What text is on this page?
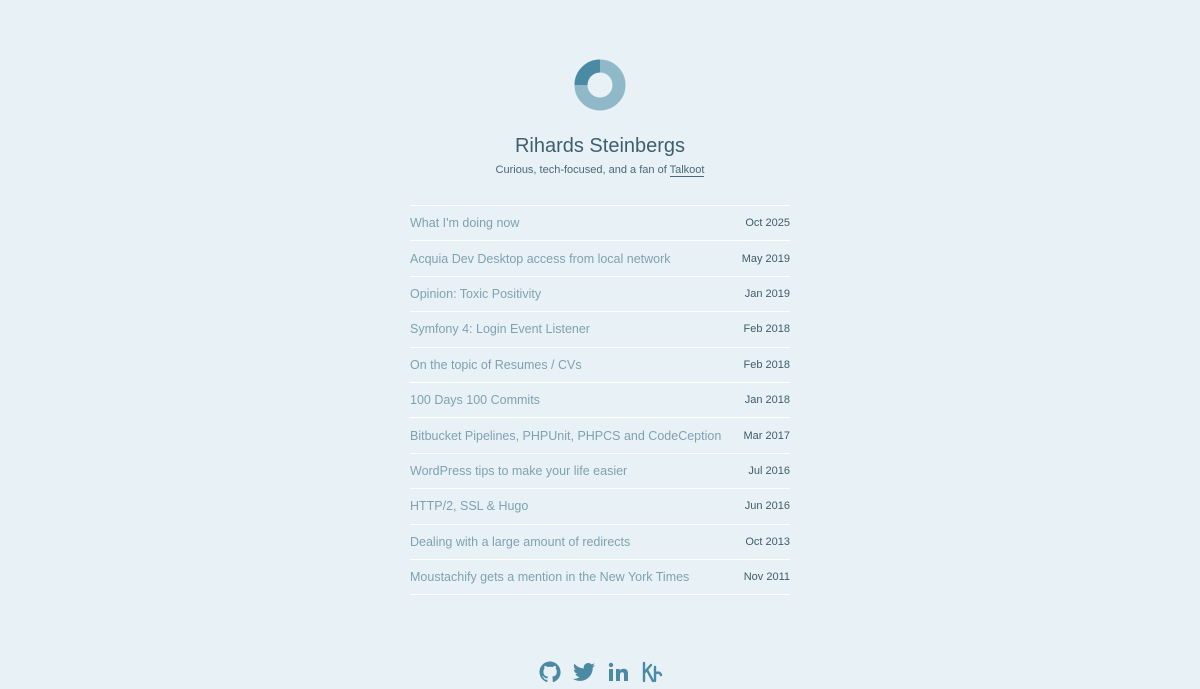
Rihards Steinbergs
Curious, tech-focused, and a fan of Talkoot
What I'm doing now	Oct 2025
Acquia Dev Desktop access from local network	May 2019
Opinion: Toxic Positivity	Jan 2019
Symfony 4: Login Event Listener	Feb 2018
On the topic of Resumes / CVs	Feb 2018
100 Days 100 Commits	Jan 2018
Bitbucket Pipelines, PHPUnit, PHPCS and CodeCeption Mar 2017
WordPress tips to make your life easier	Jul 2016
HTTP/2, SSL & Hugo	Jun 2016
Dealing with a large amount of redirects	Oct 2013
Moustachify gets a mention in the New York Times	Nov 2011
